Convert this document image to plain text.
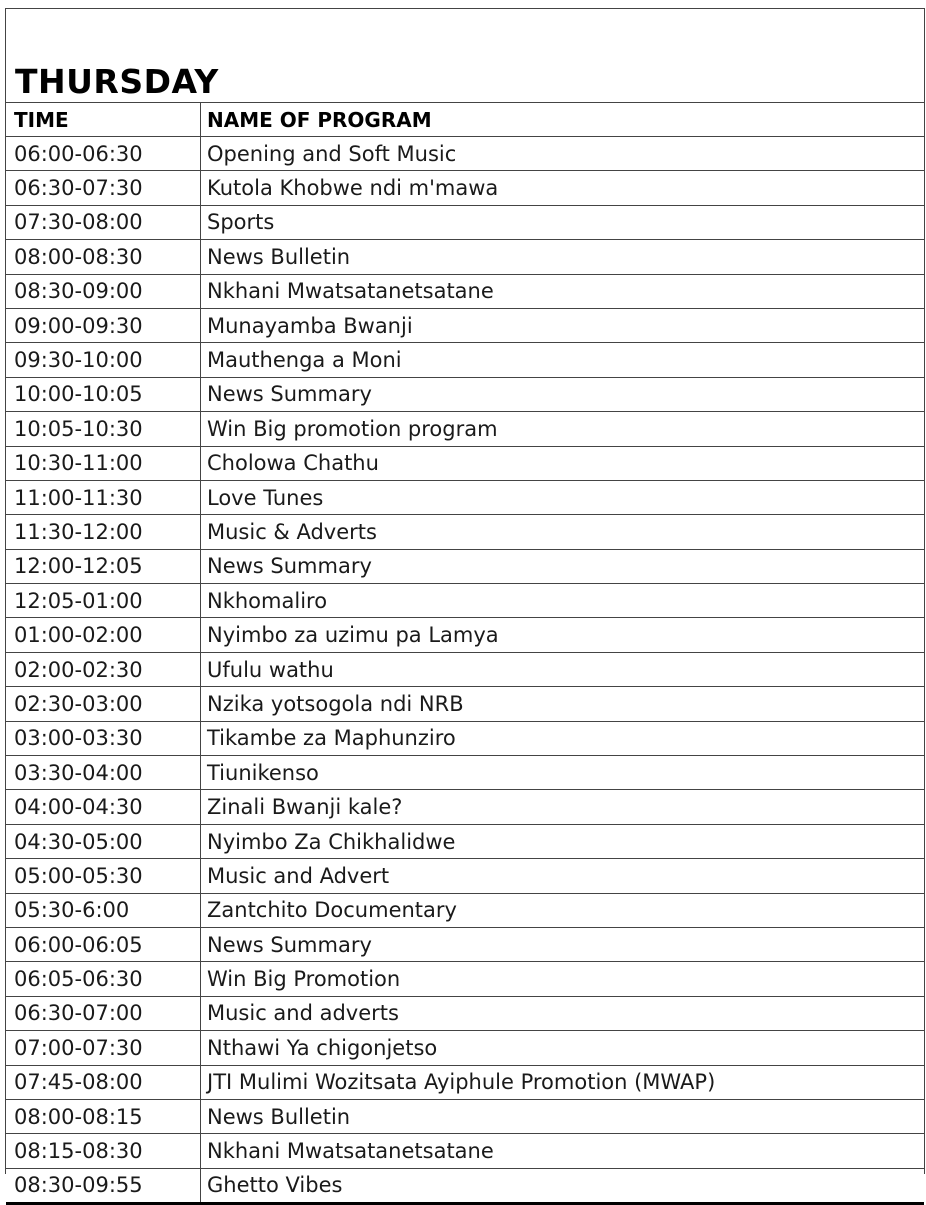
THURSDAY
TIME	NAME OF PROGRAM
06:00-06:30	Opening and Soft Music
06:30-07:30	Kutola Khobwe ndi m'mawa
07:30-08:00	Sports
08:00-08:30	News Bulletin
08:30-09:00	Nkhani Mwatsatanetsatane
09:00-09:30	Munayamba Bwanji
09:30-10:00	Mauthenga a Moni
10:00-10:05	News Summary
10:05-10:30	Win Big promotion program
10:30-11:00	Cholowa Chathu
11:00-11:30	Love Tunes
11:30-12:00	Music & Adverts
12:00-12:05	News Summary
12:05-01:00	Nkhomaliro
01:00-02:00	Nyimbo za uzimu pa Lamya
02:00-02:30	Ufulu wathu
02:30-03:00	Nzika yotsogola ndi NRB
03:00-03:30	Tikambe za Maphunziro
03:30-04:00	Tiunikenso
04:00-04:30	Zinali Bwanji kale?
04:30-05:00	Nyimbo Za Chikhalidwe
05:00-05:30	Music and Advert
05:30-6:00	Zantchito Documentary
06:00-06:05	News Summary
06:05-06:30	Win Big Promotion
06:30-07:00	Music and adverts
07:00-07:30	Nthawi Ya chigonjetso
07:45-08:00	JTI Mulimi Wozitsata Ayiphule Promotion (MWAP)
08:00-08:15	News Bulletin
08:15-08:30	Nkhani Mwatsatanetsatane
08:30-09:55	Ghetto Vibes
